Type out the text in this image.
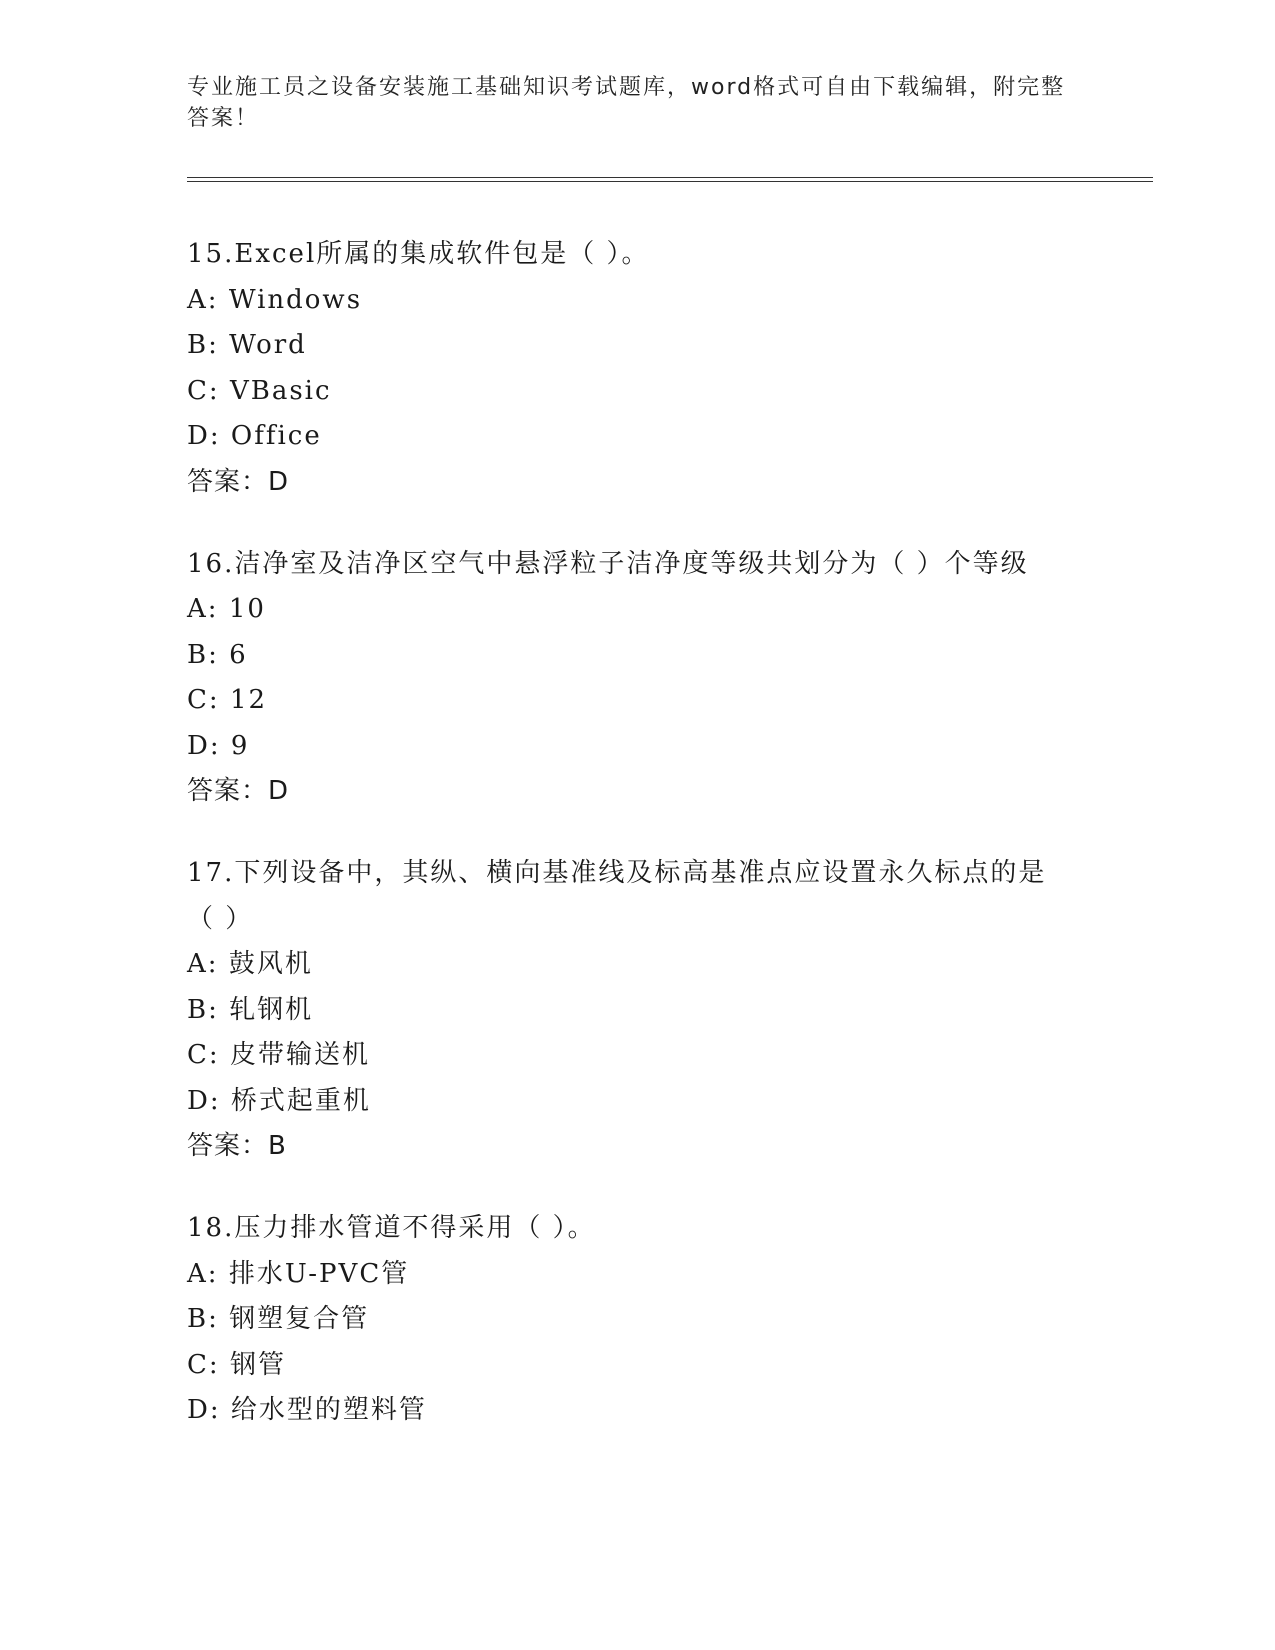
专业施工员之设备安装施工基础知识考试题库，word格式可自由下载编辑，附完整答案！
15.Excel所属的集成软件包是（ ）。
A: Windows
B: Word
C: VBasic
D: Office
答案：D
16.洁净室及洁净区空气中悬浮粒子洁净度等级共划分为（ ）个等级
A: 10
B: 6
C: 12
D: 9
答案：D
17.下列设备中，其纵、横向基准线及标高基准点应设置永久标点的是（ ）
A: 鼓风机
B: 轧钢机
C: 皮带输送机
D: 桥式起重机
答案：B
18.压力排水管道不得采用（ ）。
A: 排水U-PVC管
B: 钢塑复合管
C: 钢管
D: 给水型的塑料管
